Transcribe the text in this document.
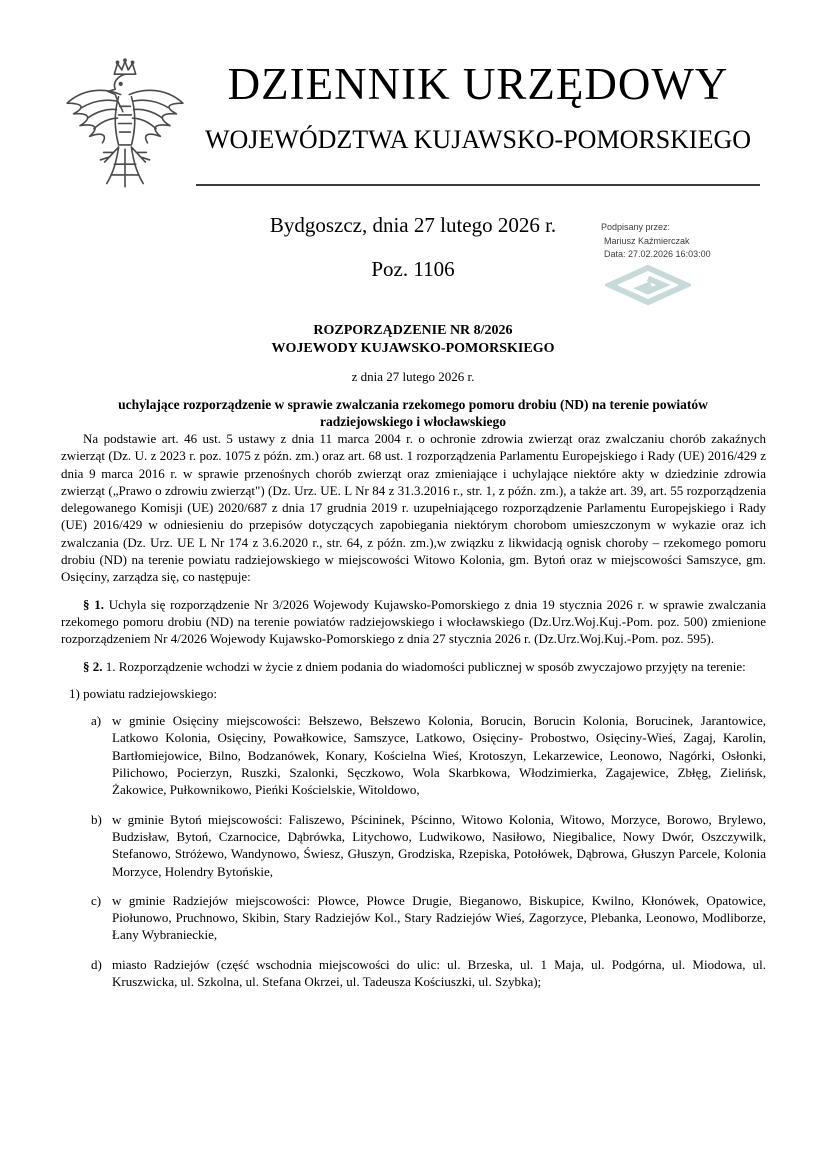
DZIENNIK URZĘDOWY
WOJEWÓDZTWA KUJAWSKO-POMORSKIEGO
Bydgoszcz, dnia 27 lutego 2026 r.	Podpisany przez:
Mariusz Kaźmierczak
Data: 27.02.2026 16:03:00
Poz. 1106
ROZPORZĄDZENIE NR 8/2026
WOJEWODY KUJAWSKO-POMORSKIEGO
z dnia 27 lutego 2026 r.
uchylające rozporządzenie w sprawie zwalczania rzekomego pomoru drobiu (ND) na terenie powiatów radziejowskiego i włocławskiego

Na podstawie art. 46 ust. 5 ustawy z dnia 11 marca 2004 r. o ochronie zdrowia zwierząt oraz zwalczaniu chorób zakaźnych zwierząt (Dz. U. z 2023 r. poz. 1075 z późn. zm.) oraz art. 68 ust. 1 rozporządzenia Parlamentu Europejskiego i Rady (UE) 2016/429 z dnia 9 marca 2016 r. w sprawie przenośnych chorób zwierząt oraz zmieniające i uchylające niektóre akty w dziedzinie zdrowia zwierząt („Prawo o zdrowiu zwierząt") (Dz. Urz. UE. L Nr 84 z 31.3.2016 r., str. 1, z późn. zm.), a także art. 39, art. 55 rozporządzenia delegowanego Komisji (UE) 2020/687 z dnia 17 grudnia 2019 r. uzupełniającego rozporządzenie Parlamentu Europejskiego i Rady (UE) 2016/429 w odniesieniu do przepisów dotyczących zapobiegania niektórym chorobom umieszczonym w wykazie oraz ich zwalczania (Dz. Urz. UE L Nr 174 z 3.6.2020 r., str. 64, z późn. zm.),w związku z likwidacją ognisk choroby – rzekomego pomoru drobiu (ND) na terenie powiatu radziejowskiego w miejscowości Witowo Kolonia, gm. Bytoń oraz w miejscowości Samszyce, gm. Osięciny, zarządza się, co następuje:

§ 1. Uchyla się rozporządzenie Nr 3/2026 Wojewody Kujawsko-Pomorskiego z dnia 19 stycznia 2026 r. w sprawie zwalczania rzekomego pomoru drobiu (ND) na terenie powiatów radziejowskiego i włocławskiego (Dz.Urz.Woj.Kuj.-Pom. poz. 500) zmienione rozporządzeniem Nr 4/2026 Wojewody Kujawsko-Pomorskiego z dnia 27 stycznia 2026 r. (Dz.Urz.Woj.Kuj.-Pom. poz. 595).

§ 2. 1. Rozporządzenie wchodzi w życie z dniem podania do wiadomości publicznej w sposób zwyczajowo przyjęty na terenie:

1) powiatu radziejowskiego:

a) w gminie Osięciny miejscowości: Bełszewo, Bełszewo Kolonia, Borucin, Borucin Kolonia, Borucinek, Jarantowice, Latkowo Kolonia, Osięciny, Powałkowice, Samszyce, Latkowo, Osięciny- Probostwo, Osięciny-Wieś, Zagaj, Karolin, Bartłomiejowice, Bilno, Bodzanówek, Konary, Kościelna Wieś, Krotoszyn, Lekarzewice, Leonowo, Nagórki, Osłonki, Pilichowo, Pocierzyn, Ruszki, Szalonki, Sęczkowo, Wola Skarbkowa, Włodzimierka, Zagajewice, Zbłęg, Zielińsk, Żakowice, Pułkownikowo, Pieńki Kościelskie, Witoldowo,
b) w gminie Bytoń miejscowości: Faliszewo, Pścininek, Pścinno, Witowo Kolonia, Witowo, Morzyce, Borowo, Brylewo, Budzisław, Bytoń, Czarnocice, Dąbrówka, Litychowo, Ludwikowo, Nasiłowo, Niegibalice, Nowy Dwór, Oszczywilk, Stefanowo, Stróżewo, Wandynowo, Świesz, Głuszyn, Grodziska, Rzepiska, Potołówek, Dąbrowa, Głuszyn Parcele, Kolonia Morzyce, Holendry Bytońskie,
c) w gminie Radziejów miejscowości: Płowce, Płowce Drugie, Bieganowo, Biskupice, Kwilno, Kłonówek, Opatowice, Piołunowo, Pruchnowo, Skibin, Stary Radziejów Kol., Stary Radziejów Wieś, Zagorzyce, Plebanka, Leonowo, Modliborze, Łany Wybranieckie,
d) miasto Radziejów (część wschodnia miejscowości do ulic: ul. Brzeska, ul. 1 Maja, ul. Podgórna, ul. Miodowa, ul. Kruszwicka, ul. Szkolna, ul. Stefana Okrzei, ul. Tadeusza Kościuszki, ul. Szybka);
